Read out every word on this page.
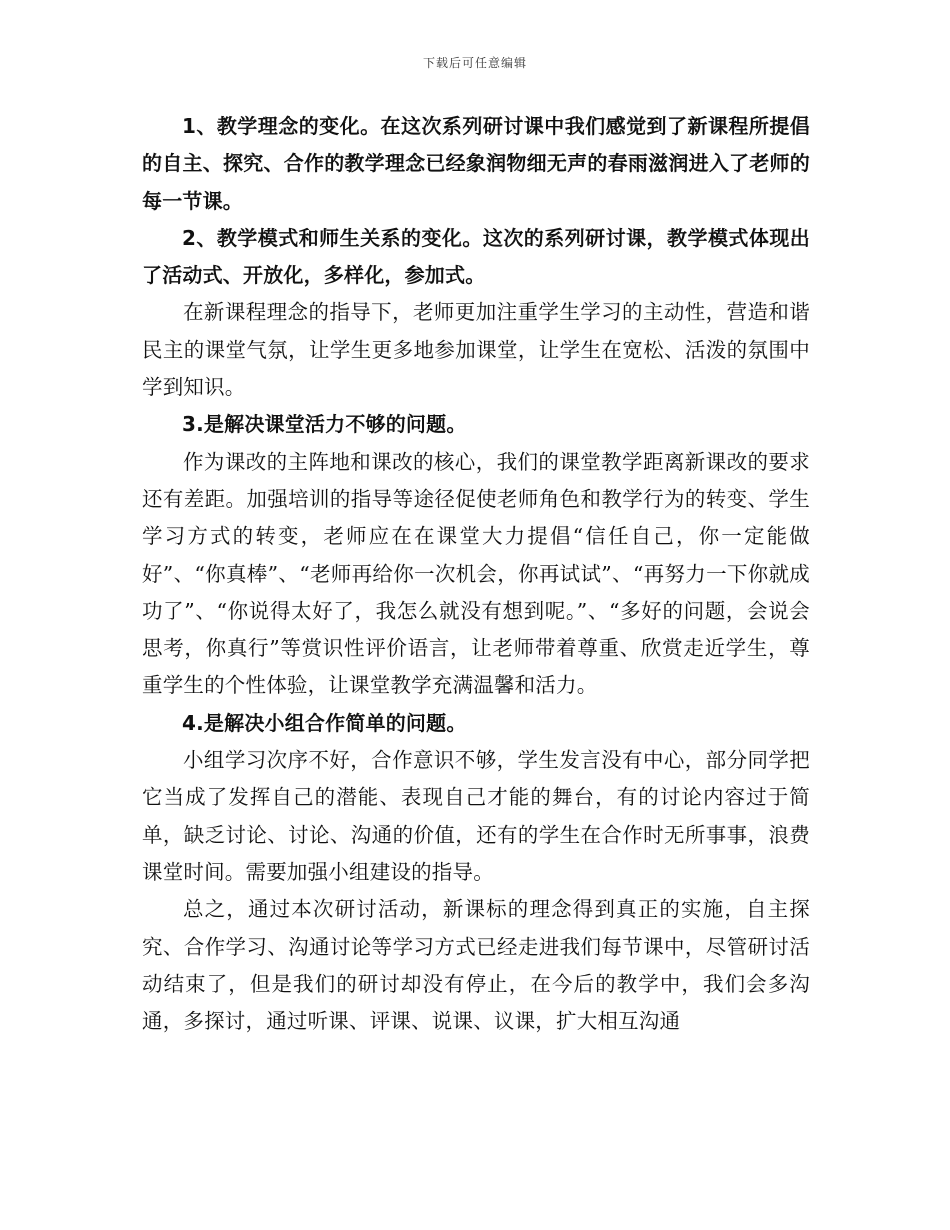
下载后可任意编辑

1、教学理念的变化。在这次系列研讨课中我们感觉到了新课程所提倡的自主、探究、合作的教学理念已经象润物细无声的春雨滋润进入了老师的每一节课。

2、教学模式和师生关系的变化。这次的系列研讨课，教学模式体现出了活动式、开放化，多样化，参加式。

在新课程理念的指导下，老师更加注重学生学习的主动性，营造和谐民主的课堂气氛，让学生更多地参加课堂，让学生在宽松、活泼的氛围中学到知识。

3.是解决课堂活力不够的问题。

作为课改的主阵地和课改的核心，我们的课堂教学距离新课改的要求还有差距。加强培训的指导等途径促使老师角色和教学行为的转变、学生学习方式的转变，老师应在在课堂大力提倡“信任自己，你一定能做好”、“你真棒”、“老师再给你一次机会，你再试试”、“再努力一下你就成功了”、“你说得太好了，我怎么就没有想到呢。”、“多好的问题，会说会思考，你真行”等赏识性评价语言，让老师带着尊重、欣赏走近学生，尊重学生的个性体验，让课堂教学充满温馨和活力。

4.是解决小组合作简单的问题。

小组学习次序不好，合作意识不够，学生发言没有中心，部分同学把它当成了发挥自己的潜能、表现自己才能的舞台，有的讨论内容过于简单，缺乏讨论、讨论、沟通的价值，还有的学生在合作时无所事事，浪费课堂时间。需要加强小组建设的指导。

总之，通过本次研讨活动，新课标的理念得到真正的实施，自主探究、合作学习、沟通讨论等学习方式已经走进我们每节课中，尽管研讨活动结束了，但是我们的研讨却没有停止，在今后的教学中，我们会多沟通，多探讨，通过听课、评课、说课、议课，扩大相互沟通
